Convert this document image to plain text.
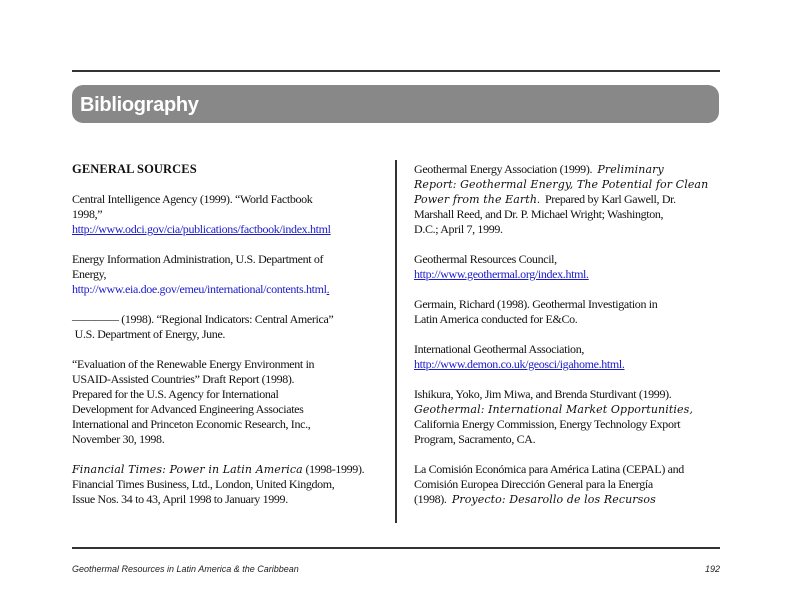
Bibliography
GENERAL SOURCES
Central Intelligence Agency (1999). “World Factbook
1998,”
http://www.odci.gov/cia/publications/factbook/index.html
Energy Information Administration, U.S. Department of
Energy,
http://www.eia.doe.gov/emeu/international/contents.html.
———— (1998). “Regional Indicators: Central America”
U.S. Department of Energy, June.
“Evaluation of the Renewable Energy Environment in
USAID-Assisted Countries” Draft Report (1998).
Prepared for the U.S. Agency for International
Development for Advanced Engineering Associates
International and Princeton Economic Research, Inc.,
November 30, 1998.
Financial Times: Power in Latin America (1998-1999).
Financial Times Business, Ltd., London, United Kingdom,
Issue Nos. 34 to 43, April 1998 to January 1999.
Geothermal Energy Association (1999).  Preliminary
Report: Geothermal Energy, The Potential for Clean
Power from the Earth.  Prepared by Karl Gawell, Dr.
Marshall Reed, and Dr. P. Michael Wright; Washington,
D.C.; April 7, 1999.
Geothermal Resources Council,
http://www.geothermal.org/index.html.
Germain, Richard (1998). Geothermal Investigation in
Latin America conducted for E&Co.
International Geothermal Association,
http://www.demon.co.uk/geosci/igahome.html.
Ishikura, Yoko, Jim Miwa, and Brenda Sturdivant (1999).
Geothermal: International Market Opportunities,
California Energy Commission, Energy Technology Export
Program, Sacramento, CA.
La Comisión Económica para América Latina (CEPAL) and
Comisión Europea Dirección General para la Energía
(1998).  Proyecto: Desarollo de los Recursos
Geothermal Resources in Latin America & the Caribbean	192
